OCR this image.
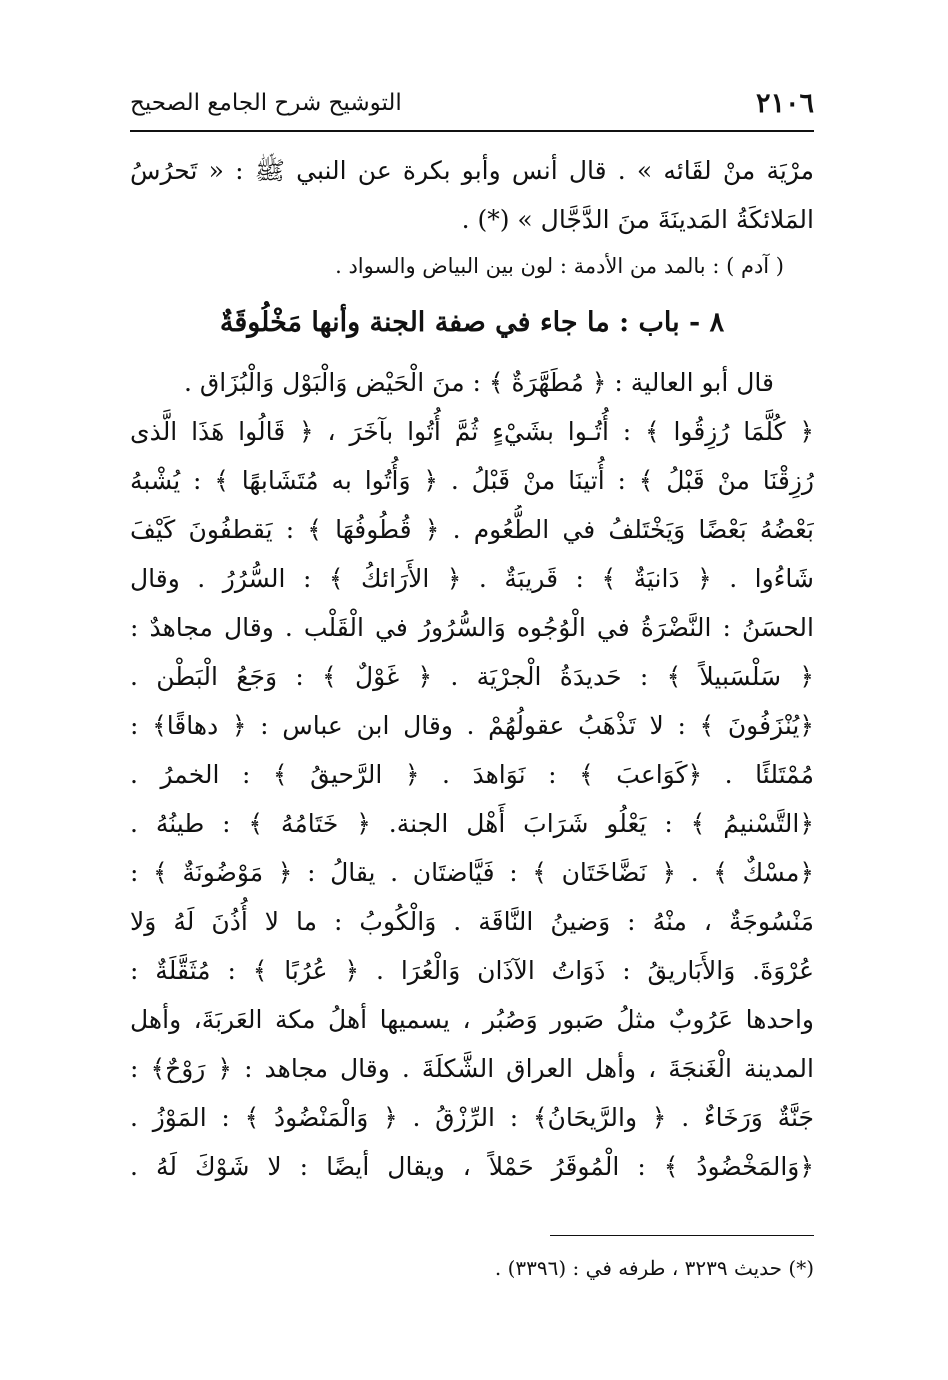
٢١٠٦
التوشيح شرح الجامع الصحيح
مرْيَة منْ لقَائه » . قال أنس وأبو بكرة عن النبي ﷺ : « تَحرُسُ
المَلائكَةُ المَدينَةَ منَ الدَّجَّال » (*) .
( آدم ) : بالمد من الأدمة : لون بين البياض والسواد .
٨ - باب : ما جاء في صفة الجنة وأنها مَخْلُوقَةٌ
قال أبو العالية : ﴿ مُطَهَّرَةٌ ﴾ : منَ الْحَيْض وَالْبَوْل وَالْبُزَاق .
﴿ كُلَّمَا رُزِقُوا ﴾ : أُتُـوا بشَيْءٍ ثُمَّ أُتُوا بآخَرَ ، ﴿ قَالُوا هَذَا الَّذى
رُزِقْنَا منْ قَبْلُ ﴾ : أُتينَا منْ قَبْلُ . ﴿ وَأُتُوا به مُتَشَابهًا ﴾ : يُشْبهُ
بَعْضُهُ بَعْضًا وَيَخْتَلفُ في الطُّعُوم . ﴿ قُطُوفُهَا ﴾ : يَقطفُونَ كَيْفَ
شَاءُوا . ﴿ دَانيَةٌ ﴾ : قَريبَةٌ . ﴿ الأَرَائكُ ﴾ : السُّرُرُ . وقال
الحسَنُ : النَّضْرَةُ في الْوُجُوه وَالسُّرُورُ في الْقَلْب . وقال مجاهدٌ :
﴿ سَلْسَبيلاً ﴾ : حَديدَةُ الْجرْيَة . ﴿ غَوْلٌ ﴾ : وَجَعُ الْبَطْن .
﴿يُنْزَفُونَ ﴾ : لا تَذْهَبُ عقولُهُمْ . وقال ابن عباس : ﴿ دهاقًا﴾ :
مُمْتَلئًا . ﴿كَوَاعبَ ﴾ : نَوَاهدَ . ﴿ الرَّحيقُ ﴾ : الخمرُ .
﴿التَّسْنيمُ ﴾ : يَعْلُو شَرَابَ أَهْل الجنة. ﴿ خَتَامُهُ ﴾ : طينُهُ .
﴿مسْكٌ ﴾ . ﴿ نَضَّاخَتَان ﴾ : فَيَّاضتَان . يقالُ : ﴿ مَوْضُونَةٌ ﴾ :
مَنْسُوجَةٌ ، منْهُ : وَضينُ النَّاقَة . وَالْكُوبُ : ما لا أُذُنَ لَهُ وَلا
عُرْوَةَ. وَالأَبَاريقُ : ذَوَاتُ الآذَان وَالْعُرَا . ﴿ عُرُبًا ﴾ : مُثَقَّلَةٌ :
واحدها عَرُوبٌ مثلُ صَبور وَصُبُر ، يسميها أهلُ مكة العَربَةَ، وأهل
المدينة الْغَنجَةَ ، وأهل العراق الشَّكلَةَ . وقال مجاهد : ﴿ رَوْحٌ﴾ :
جَنَّةٌ وَرَخَاءٌ . ﴿ والرَّيحَانُ﴾ : الرِّزْقُ . ﴿ وَالْمَنْضُودُ ﴾ : المَوْزُ .
﴿وَالمَخْضُودُ ﴾ : الْمُوقَرُ حَمْلاً ، ويقال أيضًا : لا شَوْكَ لَهُ .
(*) حديث ٣٢٣٩ ، طرفه في : (٣٣٩٦) .
